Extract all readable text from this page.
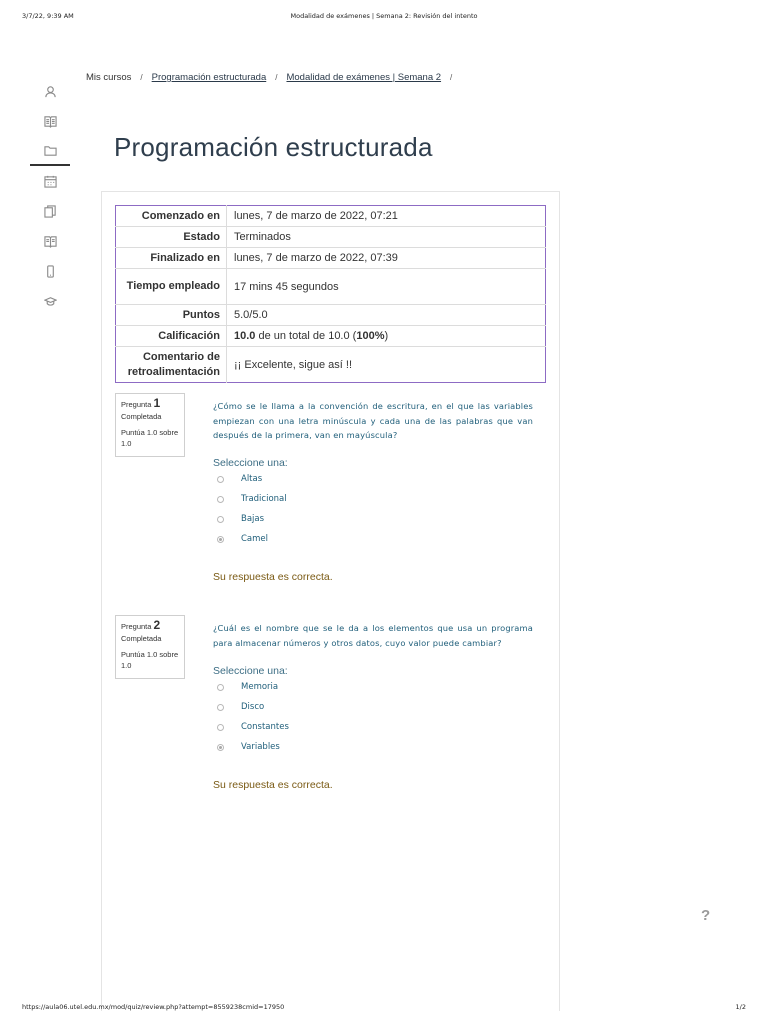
3/7/22, 9:39 AM	Modalidad de exámenes | Semana 2: Revisión del intento
Mis cursos / Programación estructurada / Modalidad de exámenes | Semana 2 /
Programación estructurada
Comenzado en	lunes, 7 de marzo de 2022, 07:21
Estado	Terminados
Finalizado en	lunes, 7 de marzo de 2022, 07:39
Tiempo empleado	17 mins 45 segundos
Puntos	5.0/5.0
Calificación	10.0 de un total de 10.0 (100%)
Comentario de retroalimentación	¡¡ Excelente, sigue así !!
Pregunta 1
Completada
Puntúa 1.0 sobre 1.0

¿Cómo se le llama a la convención de escritura, en el que las variables empiezan con una letra minúscula y cada una de las palabras que van después de la primera, van en mayúscula?

Seleccione una:
Altas
Tradicional
Bajas
Camel
Su respuesta es correcta.
Pregunta 2
Completada
Puntúa 1.0 sobre 1.0

¿Cuál es el nombre que se le da a los elementos que usa un programa para almacenar números y otros datos, cuyo valor puede cambiar?

Seleccione una:
Memoria
Disco
Constantes
Variables
Su respuesta es correcta.
?
https://aula06.utel.edu.mx/mod/quiz/review.php?attempt=8559238cmid=17950	1/2
